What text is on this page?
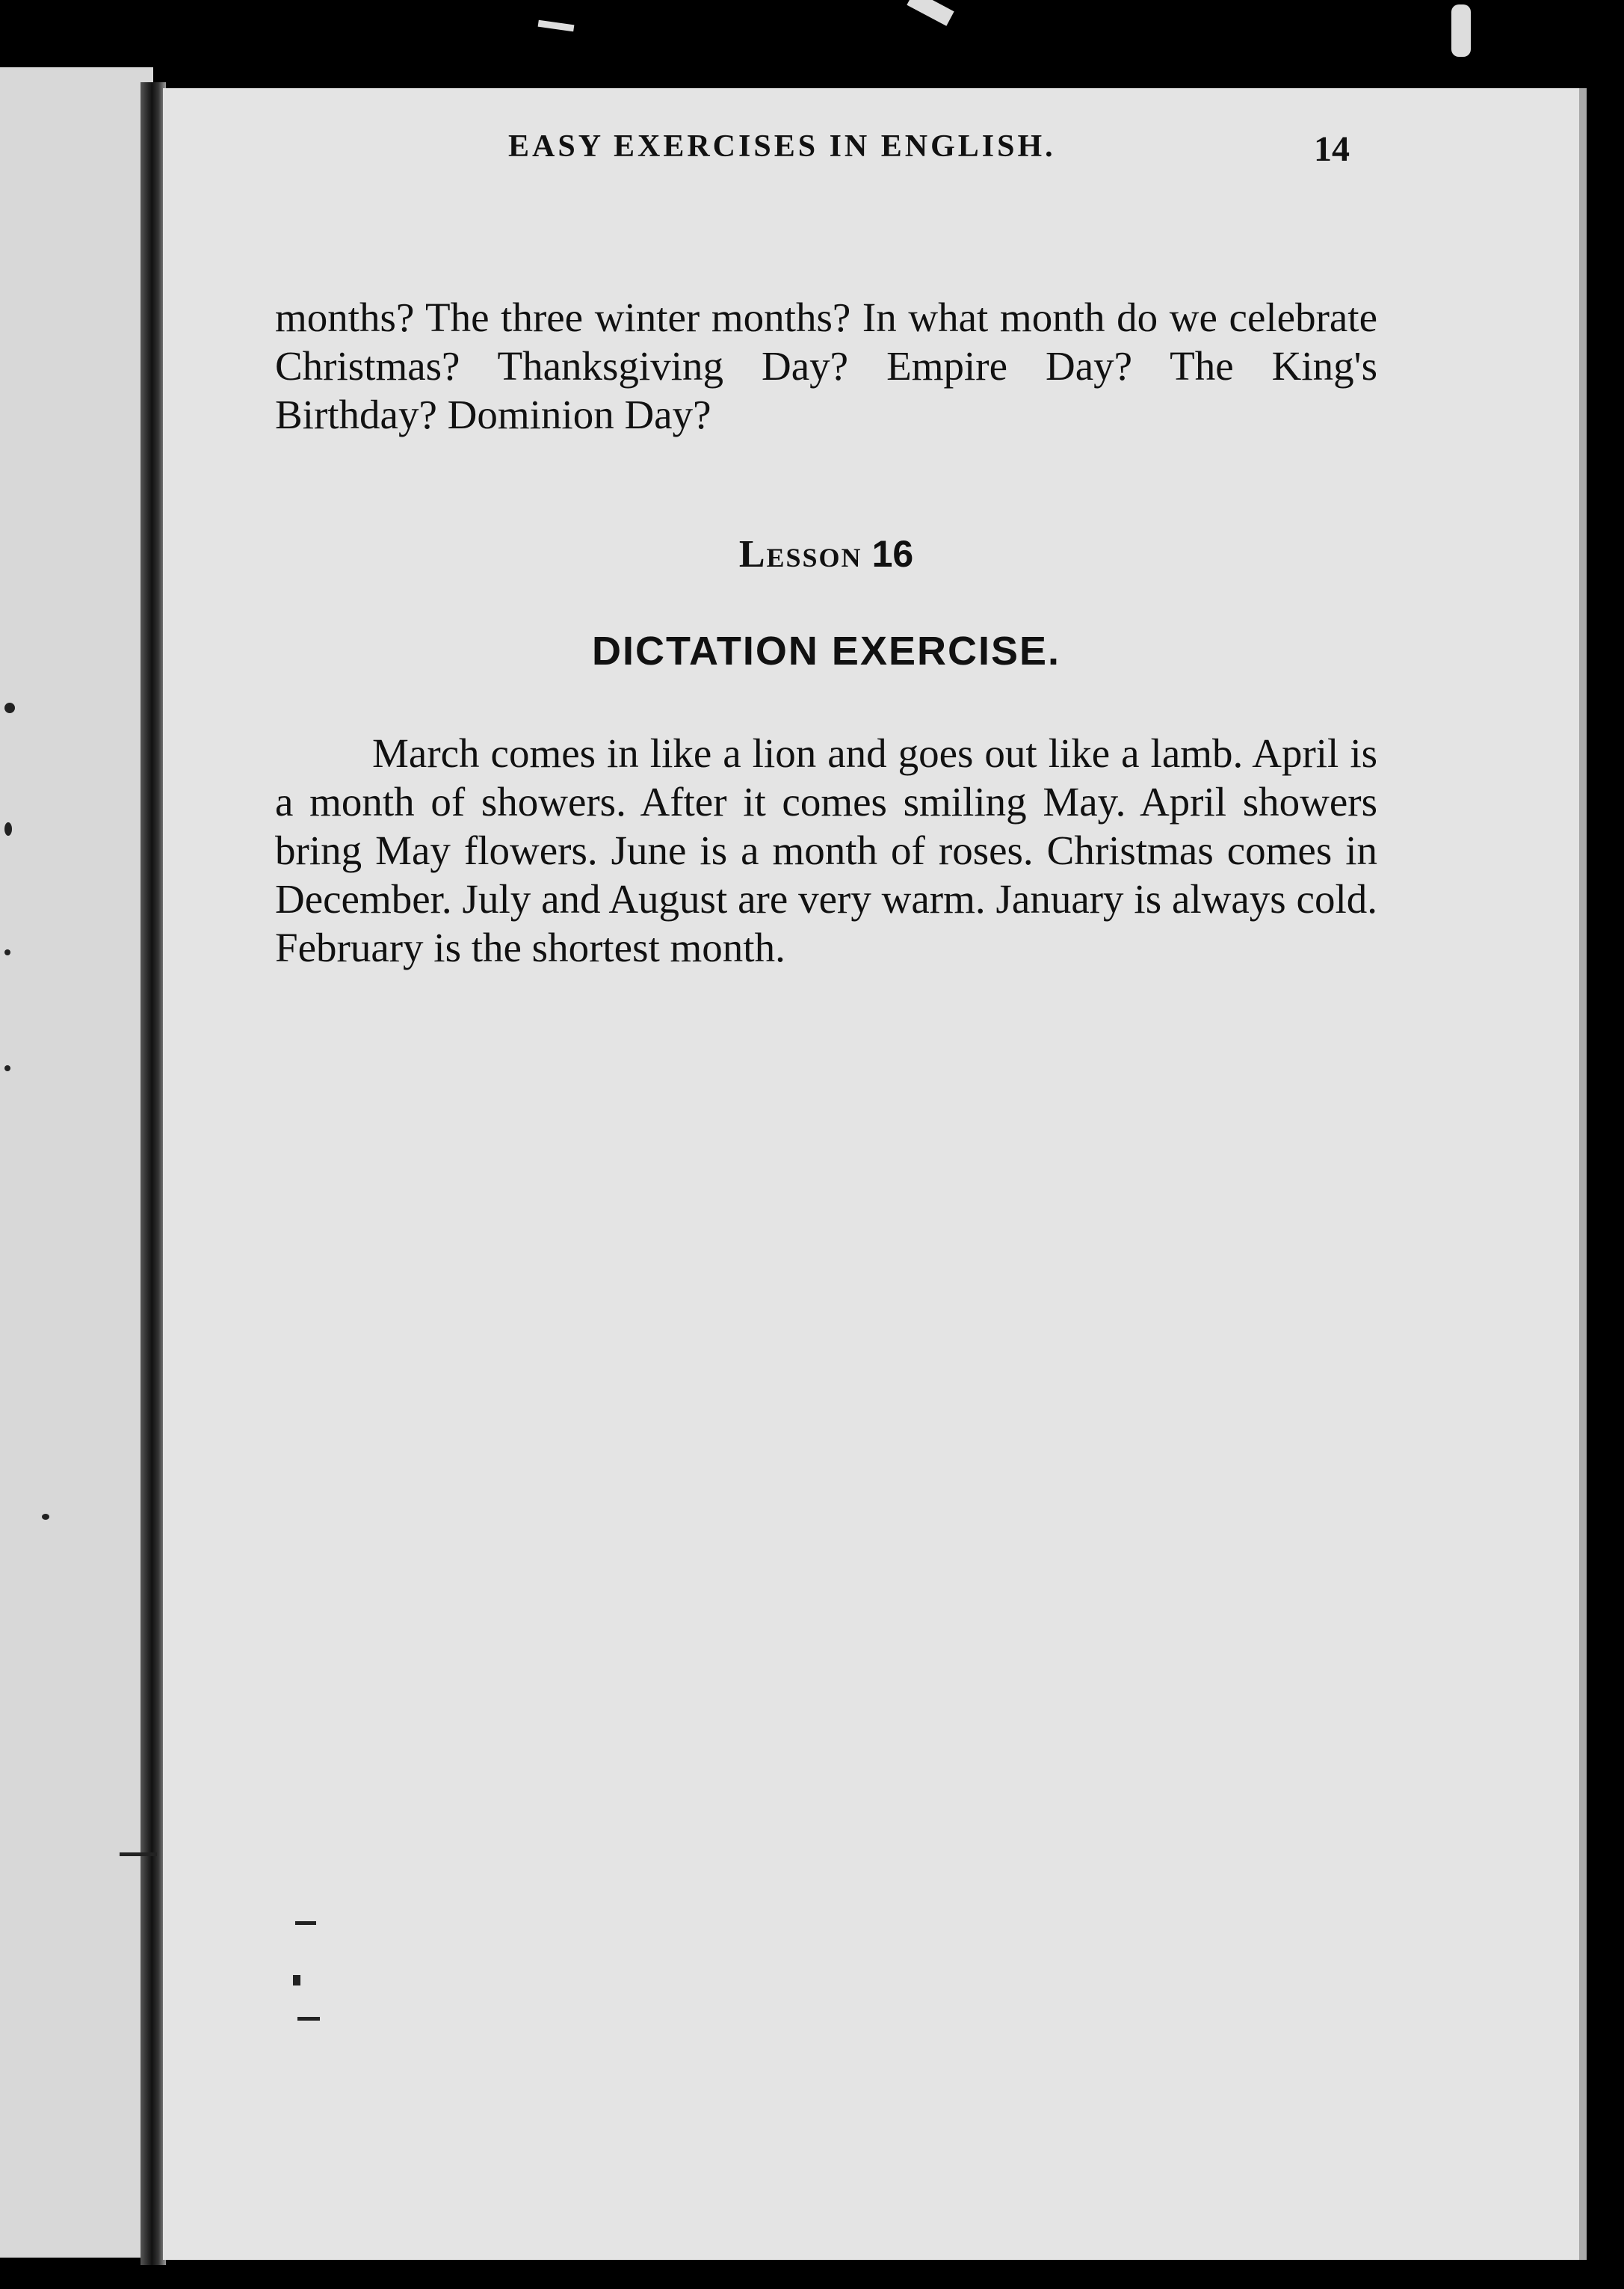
EASY EXERCISES IN ENGLISH.	14

months? The three winter months? In what month do we celebrate Christmas? Thanksgiving Day? Empire Day? The King's Birthday? Dominion Day?

Lesson 16
DICTATION EXERCISE.

March comes in like a lion and goes out like a lamb. April is a month of showers. After it comes smiling May. April showers bring May flowers. June is a month of roses. Christmas comes in December. July and August are very warm. January is always cold. February is the shortest month.
